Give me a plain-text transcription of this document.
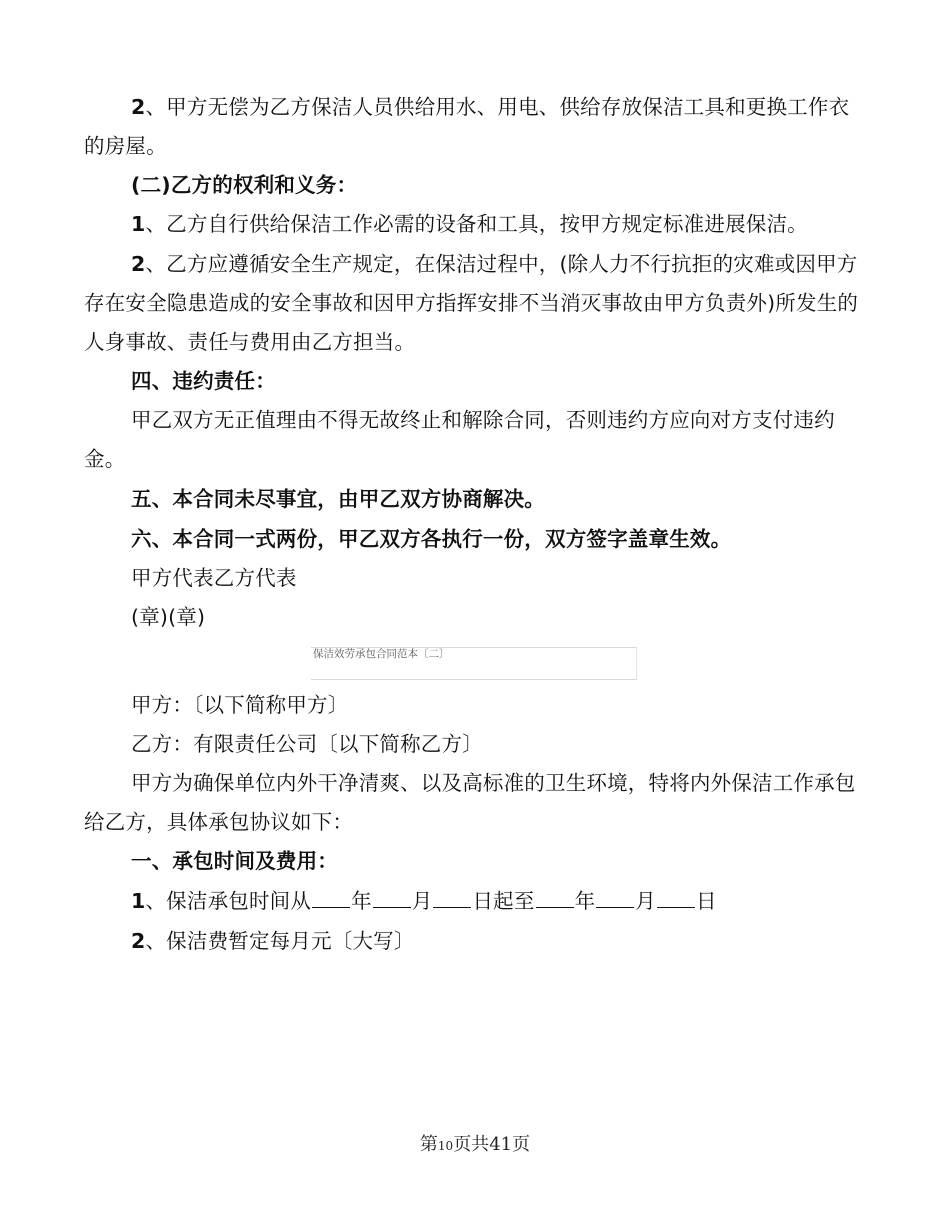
2、甲方无偿为乙方保洁人员供给用水、用电、供给存放保洁工具和更换工作衣的房屋。

(二)乙方的权利和义务：

1、乙方自行供给保洁工作必需的设备和工具，按甲方规定标准进展保洁。

2、乙方应遵循安全生产规定，在保洁过程中，(除人力不行抗拒的灾难或因甲方存在安全隐患造成的安全事故和因甲方指挥安排不当消灭事故由甲方负责外)所发生的人身事故、责任与费用由乙方担当。

四、违约责任：

甲乙双方无正值理由不得无故终止和解除合同，否则违约方应向对方支付违约金。

五、本合同未尽事宜，由甲乙双方协商解决。

六、本合同一式两份，甲乙双方各执行一份，双方签字盖章生效。

甲方代表乙方代表

(章)(章)

保洁效劳承包合同范本〔二〕

甲方：〔以下简称甲方〕

乙方：有限责任公司〔以下简称乙方〕

甲方为确保单位内外干净清爽、以及高标准的卫生环境，特将内外保洁工作承包给乙方，具体承包协议如下：

一、承包时间及费用：

1、保洁承包时间从 年 月 日起至 年 月 日

2、保洁费暂定每月元〔大写〕

第10页共41页
